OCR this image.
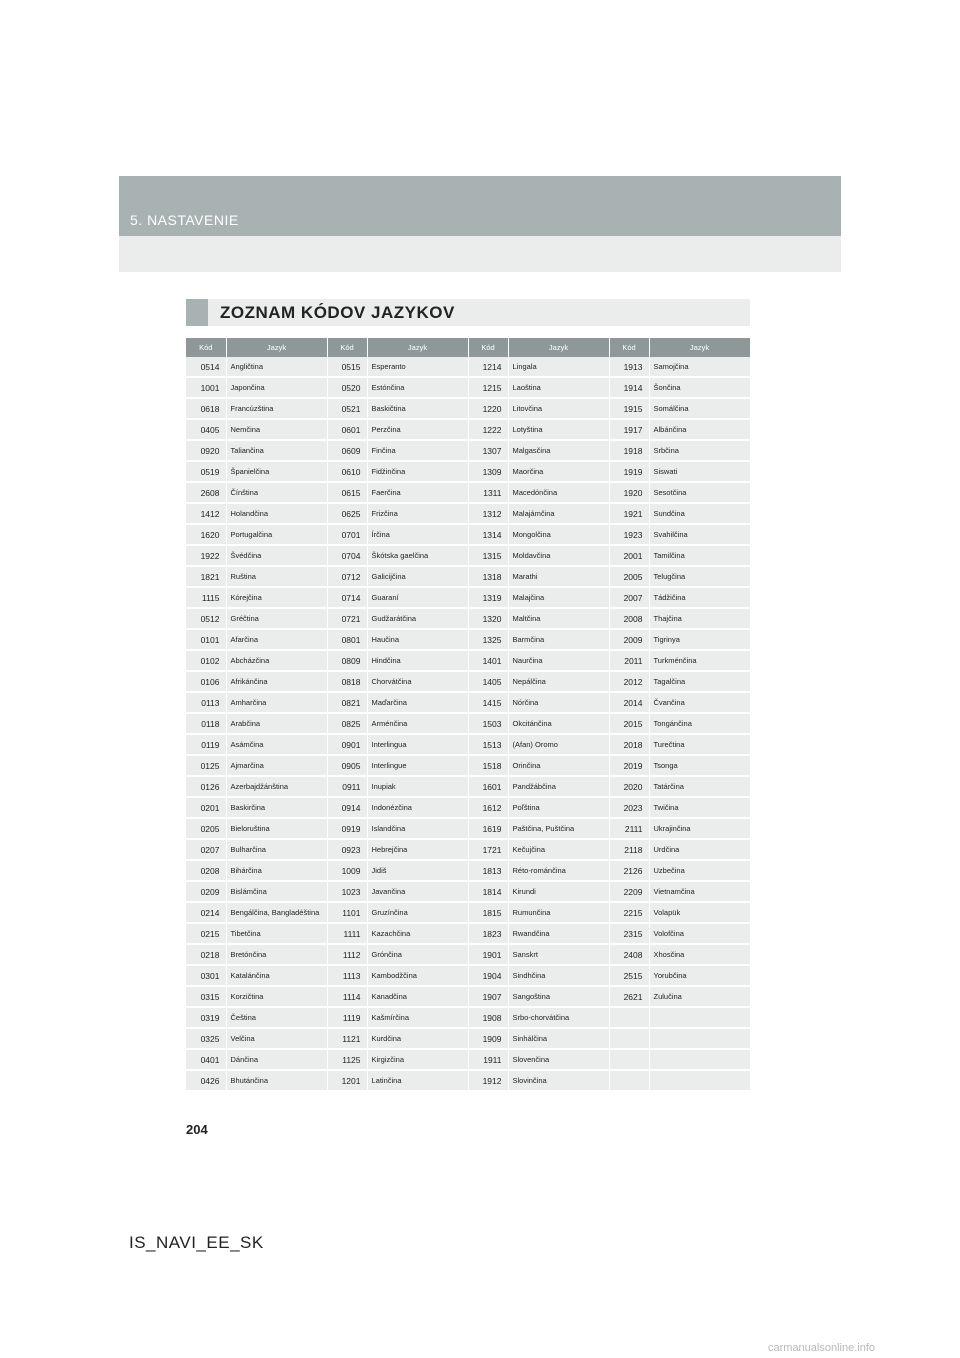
5. NASTAVENIE
ZOZNAM KÓDOV JAZYKOV
Kód	Jazyk	Kód	Jazyk	Kód	Jazyk	Kód	Jazyk
0514	Angličtina	0515	Esperanto	1214	Lingala	1913	Samojčina
1001	Japončina	0520	Estónčina	1215	Laoština	1914	Šončina
0618	Francúzština	0521	Baskičtina	1220	Litovčina	1915	Somálčina
0405	Nemčina	0601	Perzčina	1222	Lotyština	1917	Albánčina
0920	Taliančina	0609	Finčina	1307	Malgasčina	1918	Srbčina
0519	Španielčina	0610	Fidžinčina	1309	Maorčina	1919	Siswati
2608	Čínština	0615	Faerčina	1311	Macedónčina	1920	Sesotčina
1412	Holandčina	0625	Frizčina	1312	Malajámčina	1921	Sundčina
1620	Portugalčina	0701	Írčina	1314	Mongolčina	1923	Svahilčina
1922	Švédčina	0704	Škótska gaelčina	1315	Moldavčina	2001	Tamilčina
1821	Ruština	0712	Galicijčina	1318	Marathi	2005	Telugčina
1115	Kórejčina	0714	Guaraní	1319	Malajčina	2007	Tádžičina
0512	Gréčtina	0721	Gudžarátčina	1320	Maltčina	2008	Thajčina
0101	Afarčina	0801	Haučina	1325	Barmčina	2009	Tigrinya
0102	Abcházčina	0809	Hindčina	1401	Naurčina	2011	Turkménčina
0106	Afrikánčina	0818	Chorvátčina	1405	Nepálčina	2012	Tagalčina
0113	Amharčina	0821	Maďarčina	1415	Nórčina	2014	Čvančina
0118	Arabčina	0825	Arménčina	1503	Okcitánčina	2015	Tongánčina
0119	Asámčina	0901	Interlingua	1513	(Afan) Oromo	2018	Turečtina
0125	Ajmarčina	0905	Interlingue	1518	Orinčina	2019	Tsonga
0126	Azerbajdžánština	0911	Inupiak	1601	Pandžábčina	2020	Tatárčina
0201	Baskirčina	0914	Indonézčina	1612	Poľština	2023	Twičina
0205	Bieloruština	0919	Islandčina	1619	Paštčina, Puštčina	2111	Ukrajinčina
0207	Bulharčina	0923	Hebrejčina	1721	Kečujčina	2118	Urdčina
0208	Bihárčina	1009	Jidiš	1813	Réto-románčina	2126	Uzbečina
0209	Bislámčina	1023	Javančina	1814	Kirundi	2209	Vietnamčina
0214	Bengálčina, Bangladéština	1101	Gruzínčina	1815	Rumunčina	2215	Volapük
0215	Tibetčina	1111	Kazachčina	1823	Rwandčina	2315	Volofčina
0218	Bretónčina	1112	Grónčina	1901	Sanskrt	2408	Xhosčina
0301	Katalánčina	1113	Kambodžčina	1904	Sindhčina	2515	Yorubčina
0315	Korzičtina	1114	Kanadčina	1907	Sangoština	2621	Zulučina
0319	Čeština	1119	Kašmírčina	1908	Srbo-chorvátčina		
0325	Velčina	1121	Kurdčina	1909	Sinhálčina		
0401	Dánčina	1125	Kirgizčina	1911	Slovenčina		
0426	Bhutánčina	1201	Latinčina	1912	Slovinčina		
204
IS_NAVI_EE_SK
carmanualsonline.info
